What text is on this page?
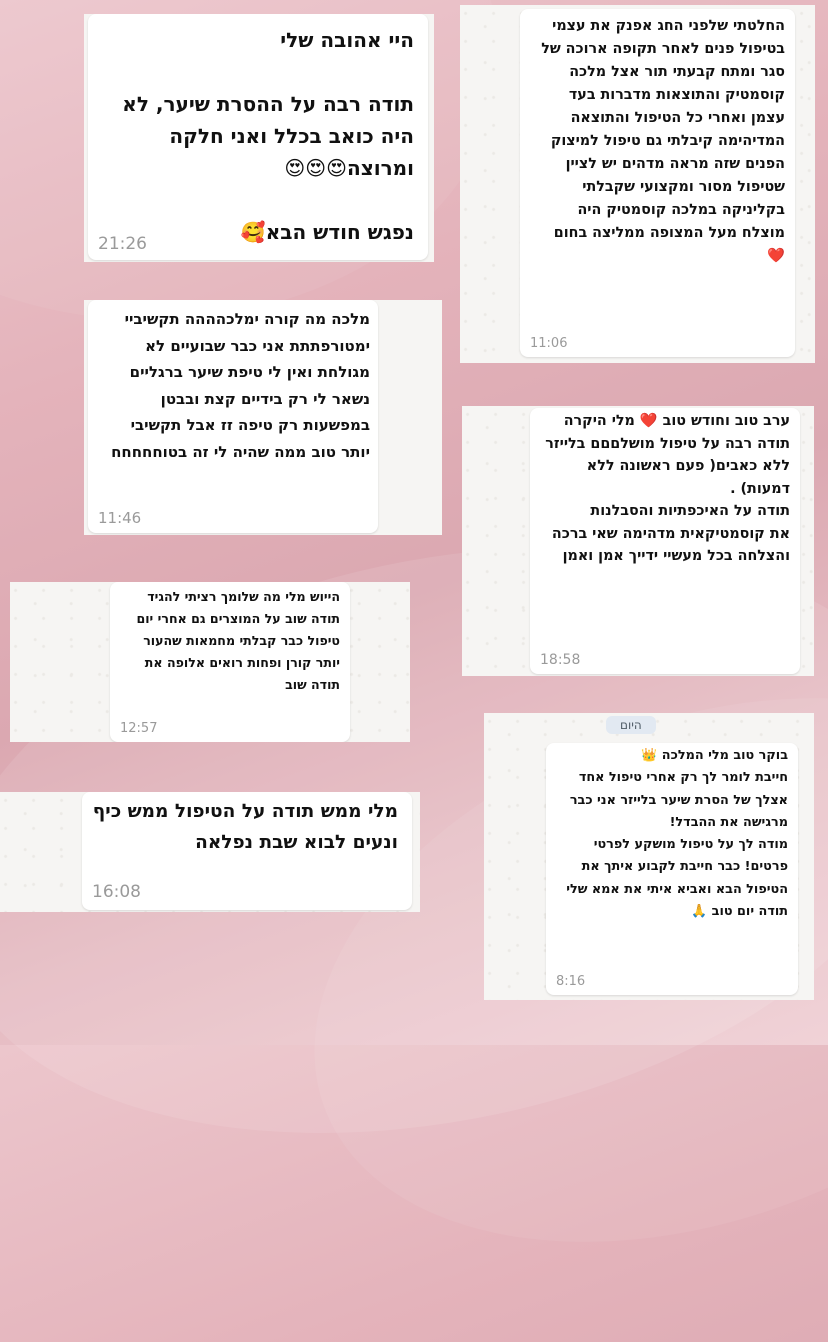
החלטתי שלפני החג אפנק את עצמי בטיפול פנים לאחר תקופה ארוכה של סגר ומתח קבעתי תור אצל מלכה קוסמטיק והתוצאות מדברות בעד עצמן ואחרי כל הטיפול והתוצאה המדיהימה קיבלתי גם טיפול למיצוק הפנים שזה מראה מדהים יש לציין שטיפול מסור ומקצועי שקבלתי בקליניקה במלכה קוסמטיק היה מוצלח מעל המצופה ממליצה בחום ❤️

11:06

היי אהובה שלי

תודה רבה על ההסרת שיער, לא היה כואב בכלל ואני חלקה ומרוצה😍😍😍

נפגש חודש הבא🥰

21:26

מלכה מה קורה ימלכהההה תקשיביי ימטורפתתת אני כבר שבועיים לא מגולחת ואין לי טיפת שיער ברגליים נשאר לי רק בידיים קצת ובבטן במפשעות רק טיפה זז אבל תקשיבי יותר טוב ממה שהיה לי זה בטוחחחחח

11:46

ערב טוב וחודש טוב ❤️ מלי היקרה תודה רבה על טיפול מושלםםם בלייזר ללא כאבים( פעם ראשונה ללא דמעות) .
תודה על האיכפתיות והסבלנות
את קוסמטיקאית מדהימה שאי ברכה והצלחה בכל מעשיי ידייך אמן ואמן

18:58

הייוש מלי מה שלומך רציתי להגיד תודה שוב על המוצרים גם אחרי יום טיפול כבר קבלתי מחמאות שהעור יותר קורן ופחות רואים אלופה את תודה שוב

12:57	היום

בוקר טוב מלי המלכה 👑
חייבת לומר לך רק אחרי טיפול אחד אצלך של הסרת שיער בלייזר אני כבר מרגישה את ההבדל!
מודה לך על טיפול מושקע לפרטי פרטים! כבר חייבת לקבוע איתך את הטיפול הבא ואביא איתי את אמא שלי
תודה יום טוב 🙏

8:16

מלי ממש תודה על הטיפול ממש כיף ונעים לבוא שבת נפלאה

16:08
